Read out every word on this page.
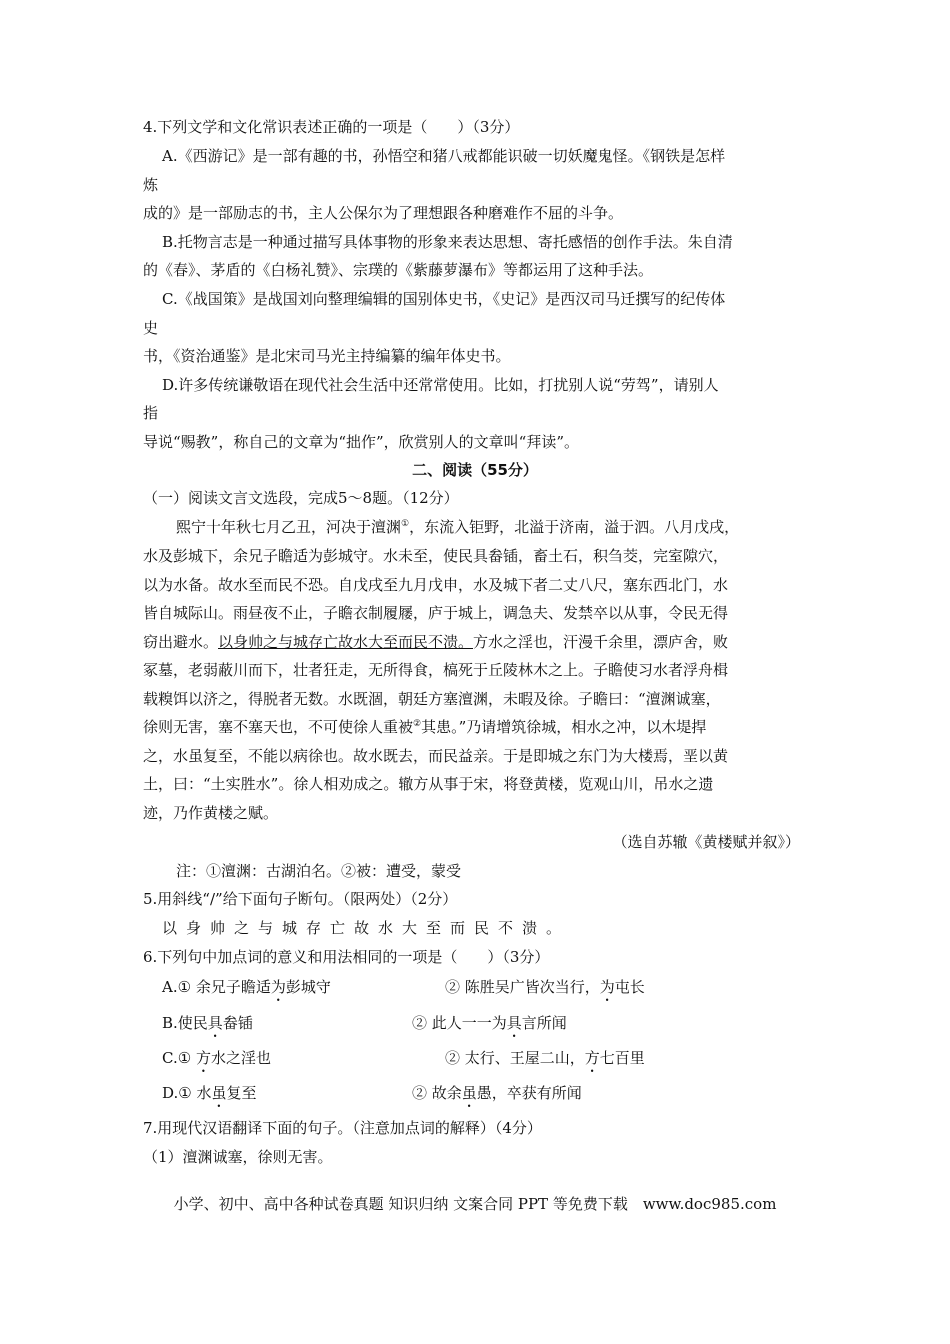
4.下列文学和文化常识表述正确的一项是（　　）（3分）
A.《西游记》是一部有趣的书，孙悟空和猪八戒都能识破一切妖魔鬼怪。《钢铁是怎样
炼
成的》是一部励志的书，主人公保尔为了理想跟各种磨难作不屈的斗争。
B.托物言志是一种通过描写具体事物的形象来表达思想、寄托感悟的创作手法。朱自清
的《春》、茅盾的《白杨礼赞》、宗璞的《紫藤萝瀑布》等都运用了这种手法。
C.《战国策》是战国刘向整理编辑的国别体史书，《史记》是西汉司马迁撰写的纪传体
史
书，《资治通鉴》是北宋司马光主持编纂的编年体史书。
D.许多传统谦敬语在现代社会生活中还常常使用。比如，打扰别人说“劳驾”，请别人
指
导说“赐教”，称自己的文章为“拙作”，欣赏别人的文章叫“拜读”。
二、阅读（55分）
（一）阅读文言文选段，完成5～8题。（12分）
熙宁十年秋七月乙丑，河决于澶渊①，东流入钜野，北溢于济南，溢于泗。八月戊戌，
水及彭城下，余兄子瞻适为彭城守。水未至，使民具畚锸，畜土石，积刍茭，完室隙穴，
以为水备。故水至而民不恐。自戊戌至九月戊申，水及城下者二丈八尺，塞东西北门，水
皆自城际山。雨昼夜不止，子瞻衣制履屦，庐于城上，调急夫、发禁卒以从事，令民无得
窃出避水。以身帅之与城存亡故水大至而民不溃。方水之淫也，汗漫千余里，漂庐舍，败
冢墓，老弱蔽川而下，壮者狂走，无所得食，槁死于丘陵林木之上。子瞻使习水者浮舟楫
载糗饵以济之，得脱者无数。水既涸，朝廷方塞澶渊，未暇及徐。子瞻曰：“澶渊诚塞，
徐则无害，塞不塞天也，不可使徐人重被②其患。”乃请增筑徐城，相水之冲，以木堤捍
之，水虽复至，不能以病徐也。故水既去，而民益亲。于是即城之东门为大楼焉，垩以黄
土，曰：“土实胜水”。徐人相劝成之。辙方从事于宋，将登黄楼，览观山川，吊水之遗
迹，乃作黄楼之赋。
（选自苏辙《黄楼赋并叙》）
注：①澶渊：古湖泊名。②被：遭受，蒙受
5.用斜线“/”给下面句子断句。（限两处）（2分）
以身帅之与城存亡故水大至而民不溃。
6.下列句中加点词的意义和用法相同的一项是（　　）（3分）
A.① 余兄子瞻适为彭城守	② 陈胜吴广皆次当行，为屯长
B.使民具畚锸	② 此人一一为具言所闻
C.① 方水之淫也	② 太行、王屋二山，方七百里
D.① 水虽复至	② 故余虽愚，卒获有所闻
7.用现代汉语翻译下面的句子。（注意加点词的解释）（4分）
（1）澶渊诚塞，徐则无害。
小学、初中、高中各种试卷真题 知识归纳 文案合同 PPT 等免费下载　www.doc985.com
